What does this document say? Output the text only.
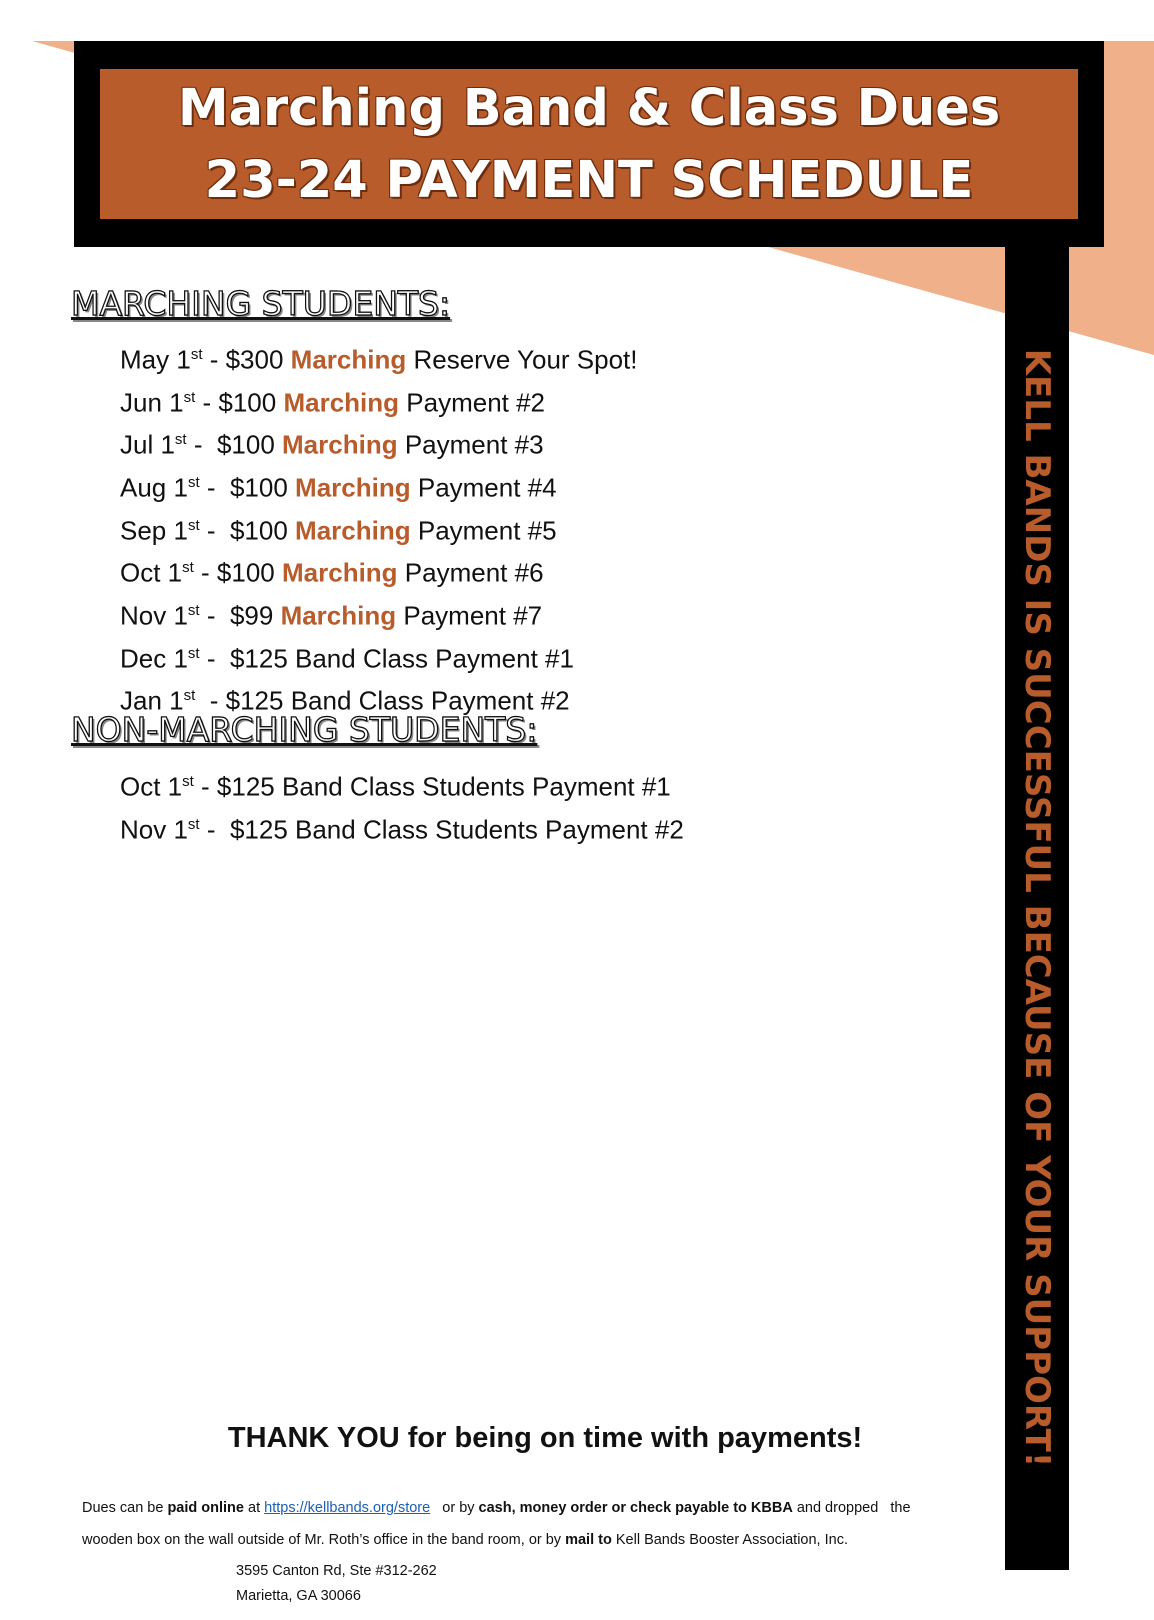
Marching Band & Class Dues
23-24 PAYMENT SCHEDULE
KELL BANDS IS SUCCESSFUL BECAUSE OF YOUR SUPPORT!
MARCHING STUDENTS:
May 1st - $300 Marching Reserve Your Spot!
Jun 1st - $100 Marching Payment #2
Jul 1st -  $100 Marching Payment #3
Aug 1st -  $100 Marching Payment #4
Sep 1st -  $100 Marching Payment #5
Oct 1st - $100 Marching Payment #6
Nov 1st -  $99 Marching Payment #7
Dec 1st -  $125 Band Class Payment #1
Jan 1st  - $125 Band Class Payment #2
NON-MARCHING STUDENTS:
Oct 1st - $125 Band Class Students Payment #1
Nov 1st -  $125 Band Class Students Payment #2
THANK YOU for being on time with payments!
Dues can be paid online at https://kellbands.org/store   or by cash, money order or check payable to KBBA and dropped   the
wooden box on the wall outside of Mr. Roth’s office in the band room, or by mail to Kell Bands Booster Association, Inc.
3595 Canton Rd, Ste #312-262
Marietta, GA 30066
